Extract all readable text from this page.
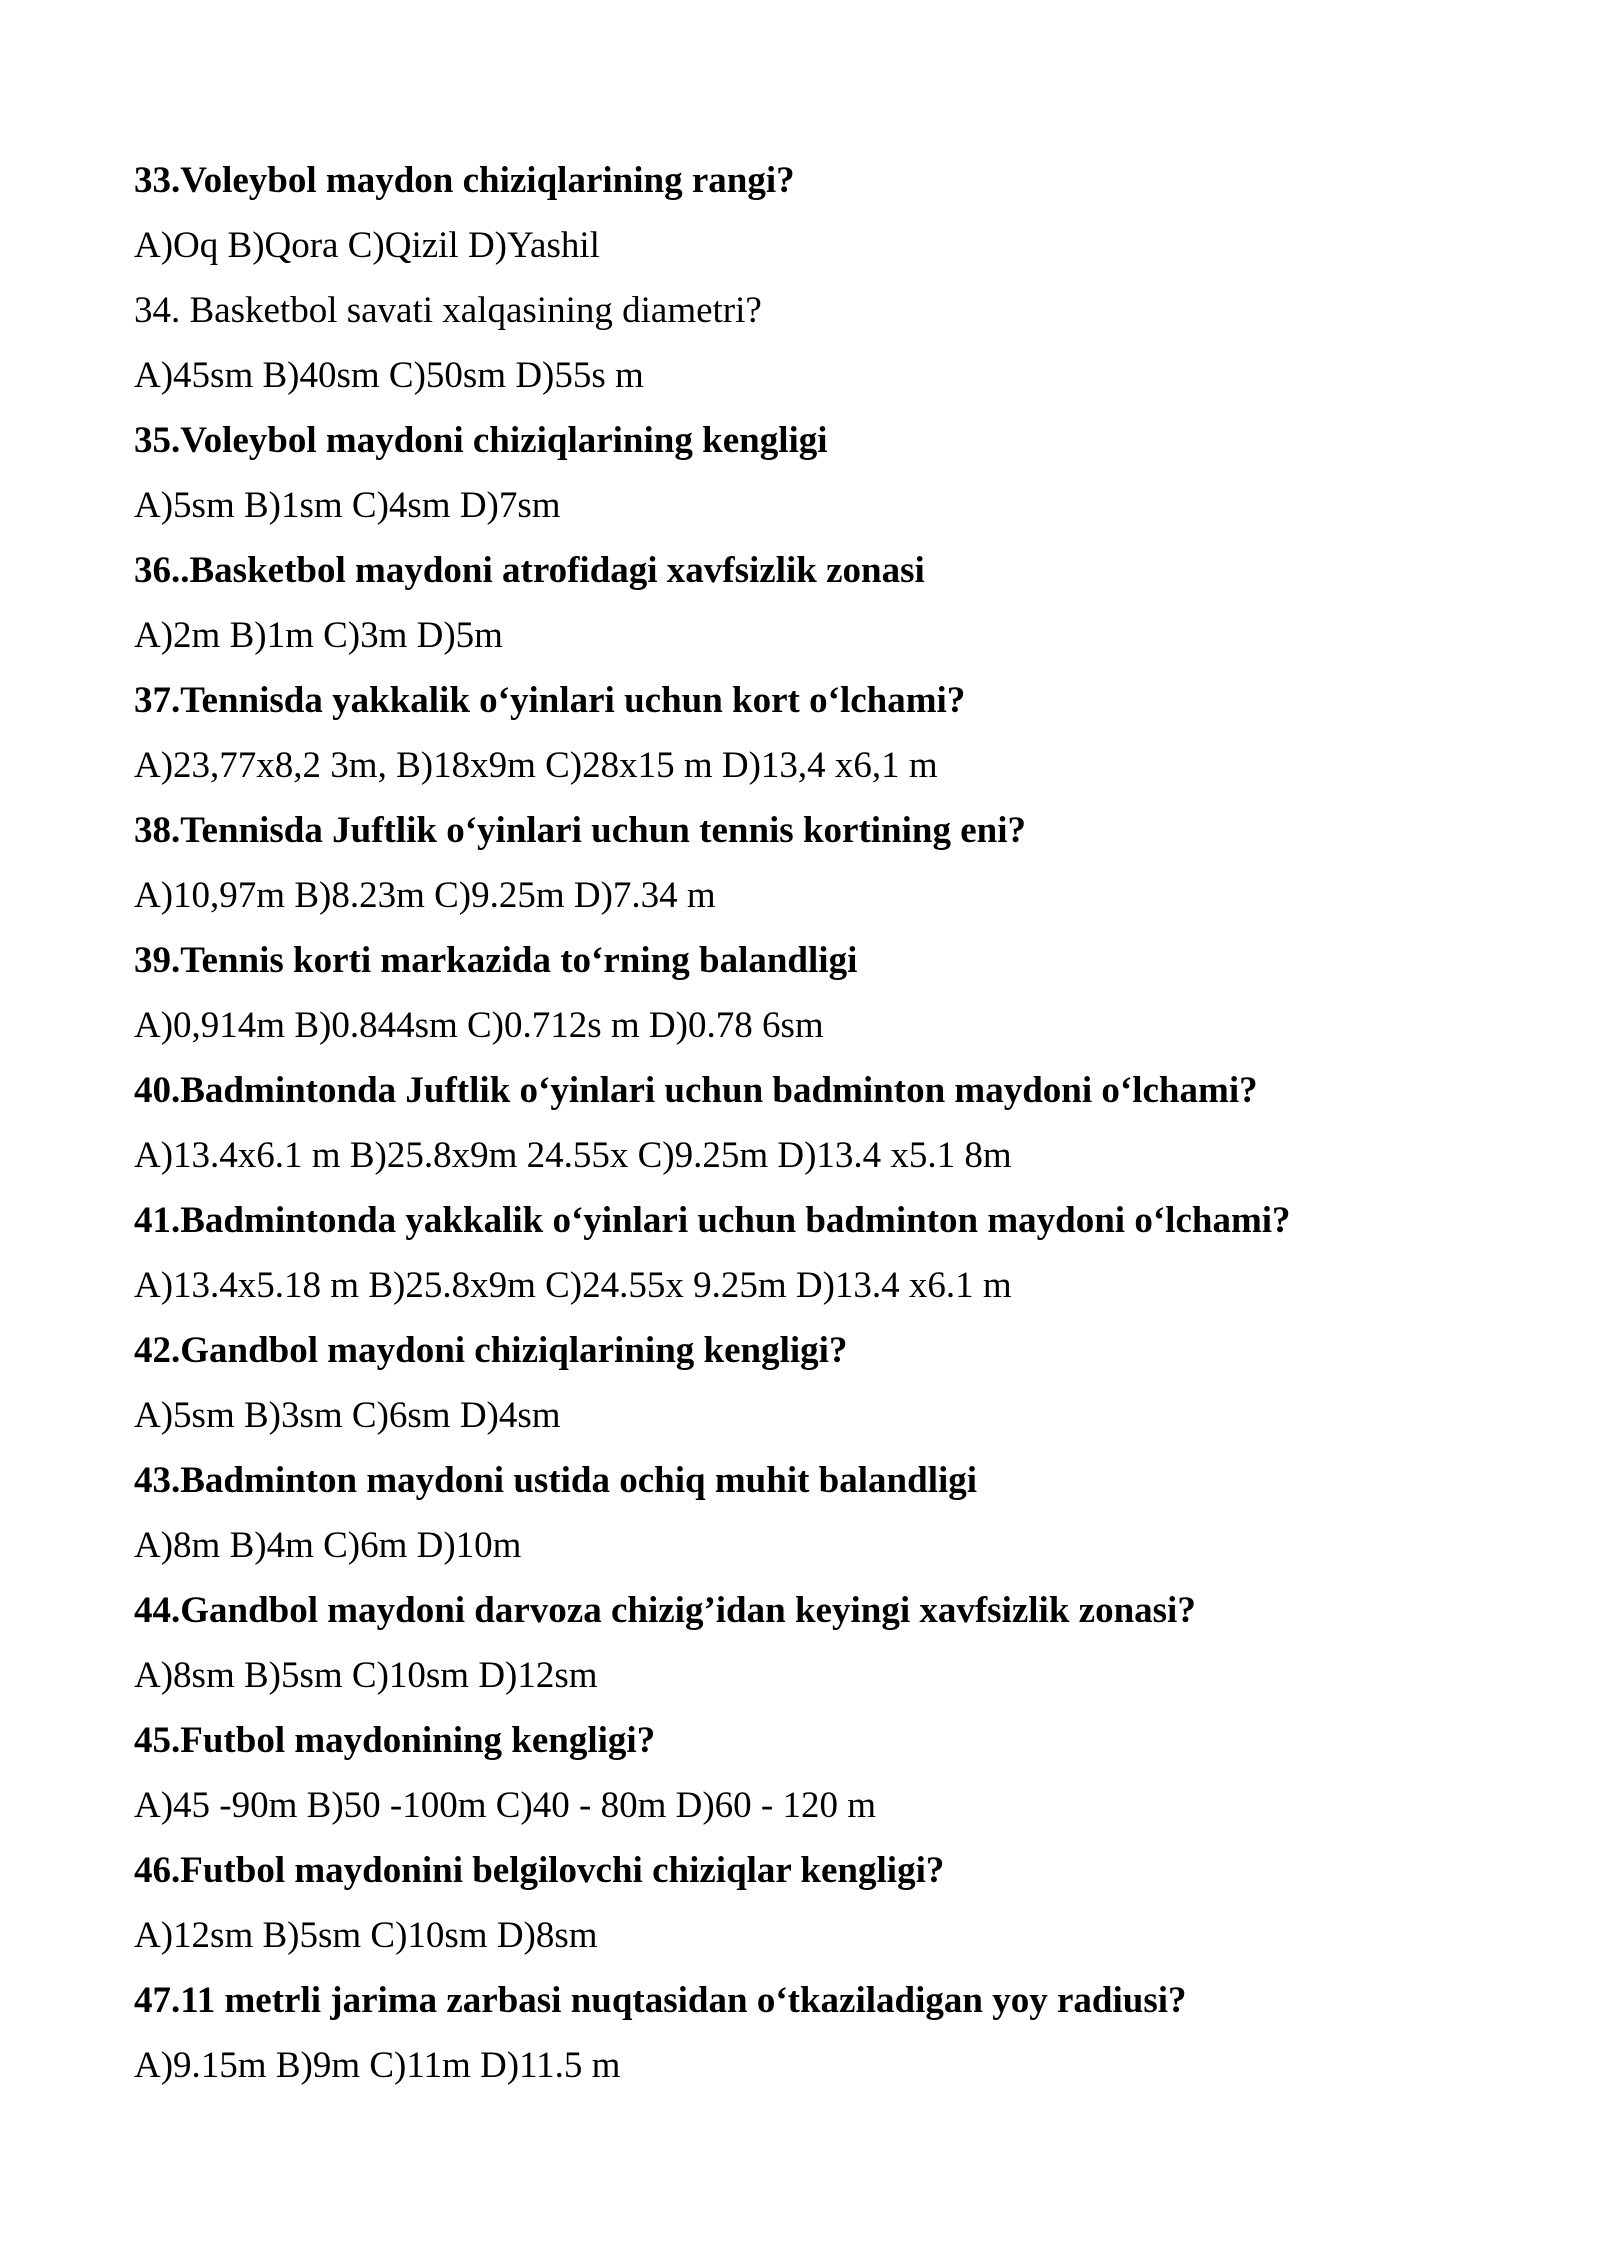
33.Voleybol maydon chiziqlarining rangi?
A)Oq B)Qora C)Qizil D)Yashil
34. Basketbol savati xalqasining diametri?
A)45sm B)40sm C)50sm D)55s m
35.Voleybol maydoni chiziqlarining kengligi
A)5sm B)1sm C)4sm D)7sm
36..Basketbol maydoni atrofidagi xavfsizlik zonasi
A)2m B)1m C)3m D)5m
37.Tennisda yakkalik o‘yinlari uchun kort o‘lchami?
A)23,77x8,2 3m, B)18x9m C)28x15 m D)13,4 x6,1 m
38.Tennisda Juftlik o‘yinlari uchun tennis kortining eni?
A)10,97m B)8.23m C)9.25m D)7.34 m
39.Tennis korti markazida to‘rning balandligi
A)0,914m B)0.844sm C)0.712s m D)0.78 6sm
40.Badmintonda Juftlik o‘yinlari uchun badminton maydoni o‘lchami?
A)13.4x6.1 m B)25.8x9m 24.55x C)9.25m D)13.4 x5.1 8m
41.Badmintonda yakkalik o‘yinlari uchun badminton maydoni o‘lchami?
A)13.4x5.18 m B)25.8x9m C)24.55x 9.25m D)13.4 x6.1 m
42.Gandbol maydoni chiziqlarining kengligi?
A)5sm B)3sm C)6sm D)4sm
43.Badminton maydoni ustida ochiq muhit balandligi
A)8m B)4m C)6m D)10m
44.Gandbol maydoni darvoza chizig’idan keyingi xavfsizlik zonasi?
A)8sm B)5sm C)10sm D)12sm
45.Futbol maydonining kengligi?
A)45 -90m B)50 -100m C)40 - 80m D)60 - 120 m
46.Futbol maydonini belgilovchi chiziqlar kengligi?
A)12sm B)5sm C)10sm D)8sm
47.11 metrli jarima zarbasi nuqtasidan o‘tkaziladigan yoy radiusi?
A)9.15m B)9m C)11m D)11.5 m
